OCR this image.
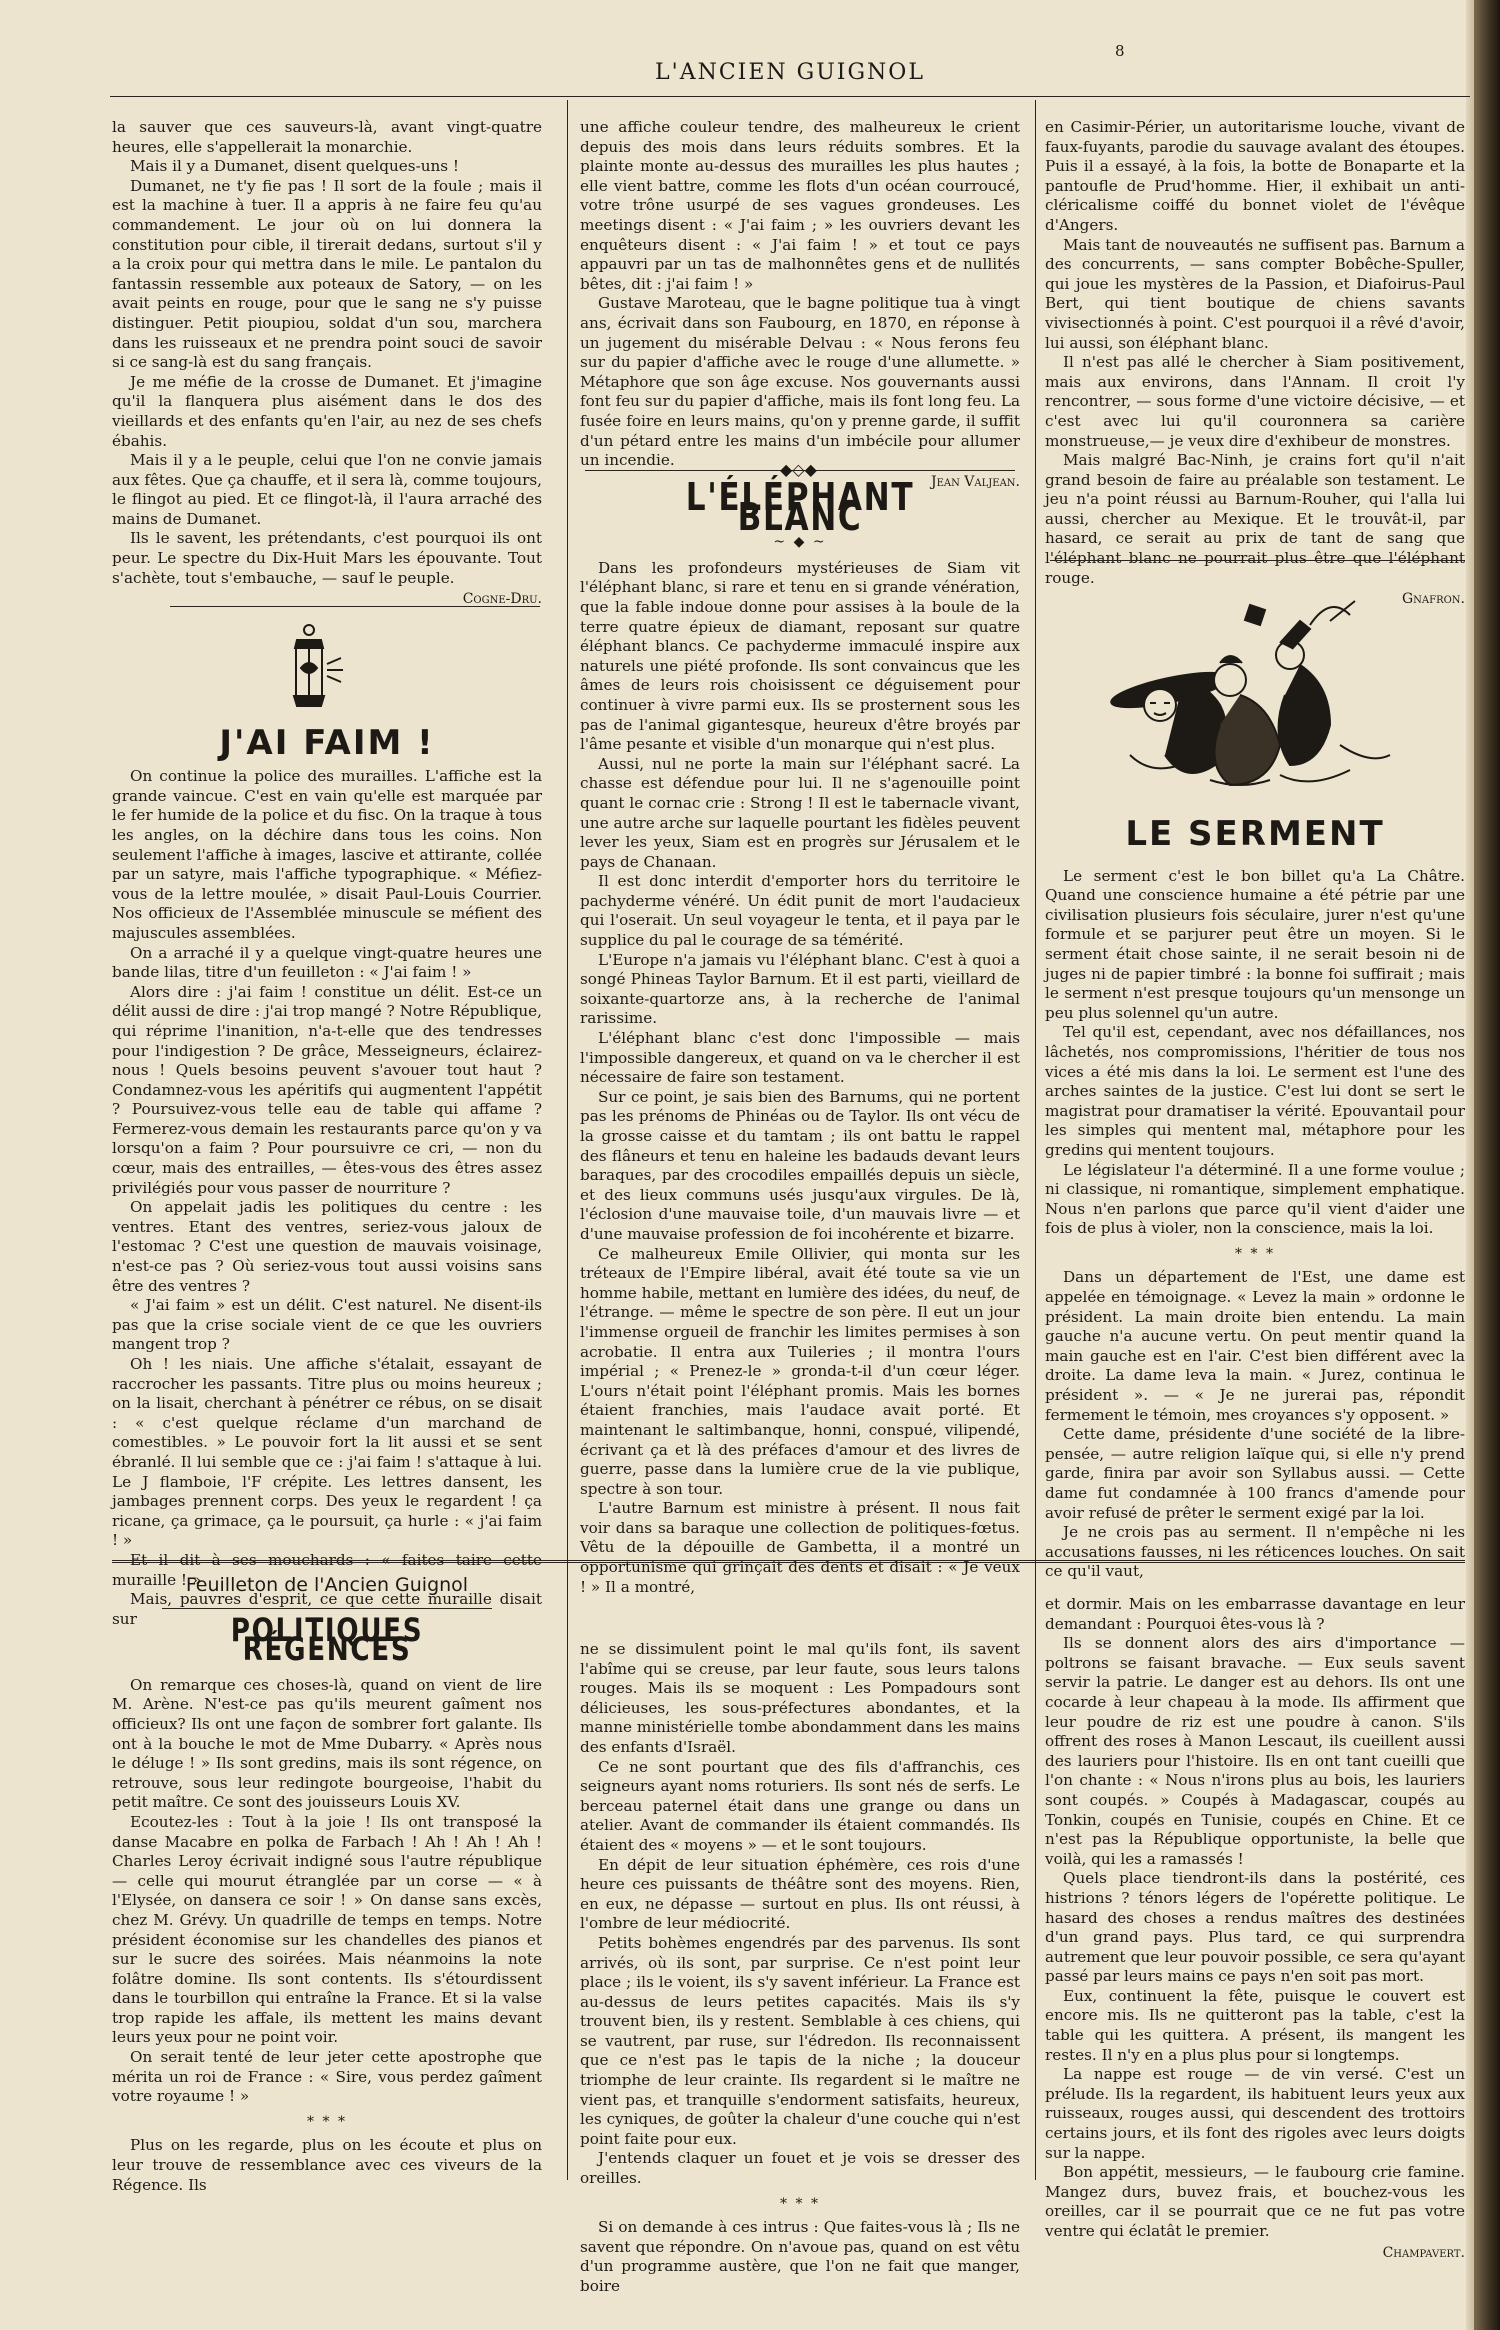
L'ANCIEN GUIGNOL
8

la sauver que ces sauveurs-là, avant vingt-quatre heures, elle s'appellerait la monarchie.

Mais il y a Dumanet, disent quelques-uns !

Dumanet, ne t'y fie pas ! Il sort de la foule ; mais il est la machine à tuer. Il a appris à ne faire feu qu'au commandement. Le jour où on lui donnera la constitution pour cible, il tirerait dedans, surtout s'il y a la croix pour qui mettra dans le mile. Le pantalon du fantassin ressemble aux poteaux de Satory, — on les avait peints en rouge, pour que le sang ne s'y puisse distinguer. Petit pioupiou, soldat d'un sou, marchera dans les ruisseaux et ne prendra point souci de savoir si ce sang-là est du sang français.

Je me méfie de la crosse de Dumanet. Et j'imagine qu'il la flanquera plus aisément dans le dos des vieillards et des enfants qu'en l'air, au nez de ses chefs ébahis.

Mais il y a le peuple, celui que l'on ne convie jamais aux fêtes. Que ça chauffe, et il sera là, comme toujours, le flingot au pied. Et ce flingot-là, il l'aura arraché des mains de Dumanet.

Ils le savent, les prétendants, c'est pourquoi ils ont peur. Le spectre du Dix-Huit Mars les épouvante. Tout s'achète, tout s'embauche, — sauf le peuple.

Cogne-Dru.

J'AI FAIM !

On continue la police des murailles. L'affiche est la grande vaincue. C'est en vain qu'elle est marquée par le fer humide de la police et du fisc. On la traque à tous les angles, on la déchire dans tous les coins. Non seulement l'affiche à images, lascive et attirante, collée par un satyre, mais l'affiche typographique. « Méfiez-vous de la lettre moulée, » disait Paul-Louis Courrier. Nos officieux de l'Assemblée minuscule se méfient des majuscules assemblées.

On a arraché il y a quelque vingt-quatre heures une bande lilas, titre d'un feuilleton : « J'ai faim ! »

Alors dire : j'ai faim ! constitue un délit. Est-ce un délit aussi de dire : j'ai trop mangé ? Notre République, qui réprime l'inanition, n'a-t-elle que des tendresses pour l'indigestion ? De grâce, Messeigneurs, éclairez-nous ! Quels besoins peuvent s'avouer tout haut ? Condamnez-vous les apéritifs qui augmentent l'appétit ? Poursuivez-vous telle eau de table qui affame ? Fermerez-vous demain les restaurants parce qu'on y va lorsqu'on a faim ? Pour poursuivre ce cri, — non du cœur, mais des entrailles, — êtes-vous des êtres assez privilégiés pour vous passer de nourriture ?

On appelait jadis les politiques du centre : les ventres. Etant des ventres, seriez-vous jaloux de l'estomac ? C'est une question de mauvais voisinage, n'est-ce pas ? Où seriez-vous tout aussi voisins sans être des ventres ?

« J'ai faim » est un délit. C'est naturel. Ne disent-ils pas que la crise sociale vient de ce que les ouvriers mangent trop ?

Oh ! les niais. Une affiche s'étalait, essayant de raccrocher les passants. Titre plus ou moins heureux ; on la lisait, cherchant à pénétrer ce rébus, on se disait : « c'est quelque réclame d'un marchand de comestibles. » Le pouvoir fort la lit aussi et se sent ébranlé. Il lui semble que ce : j'ai faim ! s'attaque à lui. Le J flamboie, l'F crépite. Les lettres dansent, les jambages prennent corps. Des yeux le regardent ! ça ricane, ça grimace, ça le poursuit, ça hurle : « j'ai faim ! »

Et il dit à ses mouchards : « faites taire cette muraille ! »

Mais, pauvres d'esprit, ce que cette muraille disait sur

une affiche couleur tendre, des malheureux le crient depuis des mois dans leurs réduits sombres. Et la plainte monte au-dessus des murailles les plus hautes ; elle vient battre, comme les flots d'un océan courroucé, votre trône usurpé de ses vagues grondeuses. Les meetings disent : « J'ai faim ; » les ouvriers devant les enquêteurs disent : « J'ai faim ! » et tout ce pays appauvri par un tas de malhonnêtes gens et de nullités bêtes, dit : j'ai faim ! »

Gustave Maroteau, que le bagne politique tua à vingt ans, écrivait dans son Faubourg, en 1870, en réponse à un jugement du misérable Delvau : « Nous ferons feu sur du papier d'affiche avec le rouge d'une allumette. » Métaphore que son âge excuse. Nos gouvernants aussi font feu sur du papier d'affiche, mais ils font long feu. La fusée foire en leurs mains, qu'on y prenne garde, il suffit d'un pétard entre les mains d'un imbécile pour allumer un incendie.

Jean Valjean.

◆◇◆
L'ÉLÉPHANT BLANC
~ ◆ ~

Dans les profondeurs mystérieuses de Siam vit l'éléphant blanc, si rare et tenu en si grande vénération, que la fable indoue donne pour assises à la boule de la terre quatre épieux de diamant, reposant sur quatre éléphant blancs. Ce pachyderme immaculé inspire aux naturels une piété profonde. Ils sont convaincus que les âmes de leurs rois choisissent ce déguisement pour continuer à vivre parmi eux. Ils se prosternent sous les pas de l'animal gigantesque, heureux d'être broyés par l'âme pesante et visible d'un monarque qui n'est plus.

Aussi, nul ne porte la main sur l'éléphant sacré. La chasse est défendue pour lui. Il ne s'agenouille point quant le cornac crie : Strong ! Il est le tabernacle vivant, une autre arche sur laquelle pourtant les fidèles peuvent lever les yeux, Siam est en progrès sur Jérusalem et le pays de Chanaan.

Il est donc interdit d'emporter hors du territoire le pachyderme vénéré. Un édit punit de mort l'audacieux qui l'oserait. Un seul voyageur le tenta, et il paya par le supplice du pal le courage de sa témérité.

L'Europe n'a jamais vu l'éléphant blanc. C'est à quoi a songé Phineas Taylor Barnum. Et il est parti, vieillard de soixante-quartorze ans, à la recherche de l'animal rarissime.

L'éléphant blanc c'est donc l'impossible — mais l'impossible dangereux, et quand on va le chercher il est nécessaire de faire son testament.

Sur ce point, je sais bien des Barnums, qui ne portent pas les prénoms de Phinéas ou de Taylor. Ils ont vécu de la grosse caisse et du tamtam ; ils ont battu le rappel des flâneurs et tenu en haleine les badauds devant leurs baraques, par des crocodiles empaillés depuis un siècle, et des lieux communs usés jusqu'aux virgules. De là, l'éclosion d'une mauvaise toile, d'un mauvais livre — et d'une mauvaise profession de foi incohérente et bizarre.

Ce malheureux Emile Ollivier, qui monta sur les tréteaux de l'Empire libéral, avait été toute sa vie un homme habile, mettant en lumière des idées, du neuf, de l'étrange. — même le spectre de son père. Il eut un jour l'immense orgueil de franchir les limites permises à son acrobatie. Il entra aux Tuileries ; il montra l'ours impérial ; « Prenez-le » gronda-t-il d'un cœur léger. L'ours n'était point l'éléphant promis. Mais les bornes étaient franchies, mais l'audace avait porté. Et maintenant le saltimbanque, honni, conspué, vilipendé, écrivant ça et là des préfaces d'amour et des livres de guerre, passe dans la lumière crue de la vie publique, spectre à son tour.

L'autre Barnum est ministre à présent. Il nous fait voir dans sa baraque une collection de politiques-fœtus. Vêtu de la dépouille de Gambetta, il a montré un opportunisme qui grinçait des dents et disait : « Je veux ! » Il a montré,

en Casimir-Périer, un autoritarisme louche, vivant de faux-fuyants, parodie du sauvage avalant des étoupes. Puis il a essayé, à la fois, la botte de Bonaparte et la pantoufle de Prud'homme. Hier, il exhibait un anti-cléricalisme coiffé du bonnet violet de l'évêque d'Angers.

Mais tant de nouveautés ne suffisent pas. Barnum a des concurrents, — sans compter Bobêche-Spuller, qui joue les mystères de la Passion, et Diafoirus-Paul Bert, qui tient boutique de chiens savants vivisectionnés à point. C'est pourquoi il a rêvé d'avoir, lui aussi, son éléphant blanc.

Il n'est pas allé le chercher à Siam positivement, mais aux environs, dans l'Annam. Il croit l'y rencontrer, — sous forme d'une victoire décisive, — et c'est avec lui qu'il couronnera sa carière monstrueuse,— je veux dire d'exhibeur de monstres.

Mais malgré Bac-Ninh, je crains fort qu'il n'ait grand besoin de faire au préalable son testament. Le jeu n'a point réussi au Barnum-Rouher, qui l'alla lui aussi, chercher au Mexique. Et le trouvât-il, par hasard, ce serait au prix de tant de sang que l'éléphant blanc ne pourrait plus être que l'éléphant rouge.

Gnafron.

LE SERMENT

Le serment c'est le bon billet qu'a La Châtre. Quand une conscience humaine a été pétrie par une civilisation plusieurs fois séculaire, jurer n'est qu'une formule et se parjurer peut être un moyen. Si le serment était chose sainte, il ne serait besoin ni de juges ni de papier timbré : la bonne foi suffirait ; mais le serment n'est presque toujours qu'un mensonge un peu plus solennel qu'un autre.

Tel qu'il est, cependant, avec nos défaillances, nos lâchetés, nos compromissions, l'héritier de tous nos vices a été mis dans la loi. Le serment est l'une des arches saintes de la justice. C'est lui dont se sert le magistrat pour dramatiser la vérité. Epouvantail pour les simples qui mentent mal, métaphore pour les gredins qui mentent toujours.

Le législateur l'a déterminé. Il a une forme voulue ; ni classique, ni romantique, simplement emphatique. Nous n'en parlons que parce qu'il vient d'aider une fois de plus à violer, non la conscience, mais la loi.

* * *

Dans un département de l'Est, une dame est appelée en témoignage. « Levez la main » ordonne le président. La main droite bien entendu. La main gauche n'a aucune vertu. On peut mentir quand la main gauche est en l'air. C'est bien différent avec la droite. La dame leva la main. « Jurez, continua le président ». — « Je ne jurerai pas, répondit fermement le témoin, mes croyances s'y opposent. »

Cette dame, présidente d'une société de la libre-pensée, — autre religion laïque qui, si elle n'y prend garde, finira par avoir son Syllabus aussi. — Cette dame fut condamnée à 100 francs d'amende pour avoir refusé de prêter le serment exigé par la loi.

Je ne crois pas au serment. Il n'empêche ni les accusations fausses, ni les réticences louches. On sait ce qu'il vaut,

Feuilleton de l'Ancien Guignol
POLITIQUES RÉGENCES

On remarque ces choses-là, quand on vient de lire M. Arène. N'est-ce pas qu'ils meurent gaîment nos officieux? Ils ont une façon de sombrer fort galante. Ils ont à la bouche le mot de Mme Dubarry. « Après nous le déluge ! » Ils sont gredins, mais ils sont régence, on retrouve, sous leur redingote bourgeoise, l'habit du petit maître. Ce sont des jouisseurs Louis XV.

Ecoutez-les : Tout à la joie ! Ils ont transposé la danse Macabre en polka de Farbach ! Ah ! Ah ! Ah ! Charles Leroy écrivait indigné sous l'autre république — celle qui mourut étranglée par un corse — « à l'Elysée, on dansera ce soir ! » On danse sans excès, chez M. Grévy. Un quadrille de temps en temps. Notre président économise sur les chandelles des pianos et sur le sucre des soirées. Mais néanmoins la note folâtre domine. Ils sont contents. Ils s'étourdissent dans le tourbillon qui entraîne la France. Et si la valse trop rapide les affale, ils mettent les mains devant leurs yeux pour ne point voir.

On serait tenté de leur jeter cette apostrophe que mérita un roi de France : « Sire, vous perdez gaîment votre royaume ! »

* * *

Plus on les regarde, plus on les écoute et plus on leur trouve de ressemblance avec ces viveurs de la Régence. Ils

ne se dissimulent point le mal qu'ils font, ils savent l'abîme qui se creuse, par leur faute, sous leurs talons rouges. Mais ils se moquent : Les Pompadours sont délicieuses, les sous-préfectures abondantes, et la manne ministérielle tombe abondamment dans les mains des enfants d'Israël.

Ce ne sont pourtant que des fils d'affranchis, ces seigneurs ayant noms roturiers. Ils sont nés de serfs. Le berceau paternel était dans une grange ou dans un atelier. Avant de commander ils étaient commandés. Ils étaient des « moyens » — et le sont toujours.

En dépit de leur situation éphémère, ces rois d'une heure ces puissants de théâtre sont des moyens. Rien, en eux, ne dépasse — surtout en plus. Ils ont réussi, à l'ombre de leur médiocrité.

Petits bohèmes engendrés par des parvenus. Ils sont arrivés, où ils sont, par surprise. Ce n'est point leur place ; ils le voient, ils s'y savent inférieur. La France est au-dessus de leurs petites capacités. Mais ils s'y trouvent bien, ils y restent. Semblable à ces chiens, qui se vautrent, par ruse, sur l'édredon. Ils reconnaissent que ce n'est pas le tapis de la niche ; la douceur triomphe de leur crainte. Ils regardent si le maître ne vient pas, et tranquille s'endorment satisfaits, heureux, les cyniques, de goûter la chaleur d'une couche qui n'est point faite pour eux.

J'entends claquer un fouet et je vois se dresser des oreilles.

* * *

Si on demande à ces intrus : Que faites-vous là ; Ils ne savent que répondre. On n'avoue pas, quand on est vêtu d'un programme austère, que l'on ne fait que manger, boire

et dormir. Mais on les embarrasse davantage en leur demandant : Pourquoi êtes-vous là ?

Ils se donnent alors des airs d'importance — poltrons se faisant bravache. — Eux seuls savent servir la patrie. Le danger est au dehors. Ils ont une cocarde à leur chapeau à la mode. Ils affirment que leur poudre de riz est une poudre à canon. S'ils offrent des roses à Manon Lescaut, ils cueillent aussi des lauriers pour l'histoire. Ils en ont tant cueilli que l'on chante : « Nous n'irons plus au bois, les lauriers sont coupés. » Coupés à Madagascar, coupés au Tonkin, coupés en Tunisie, coupés en Chine. Et ce n'est pas la République opportuniste, la belle que voilà, qui les a ramassés !

Quels place tiendront-ils dans la postérité, ces histrions ? ténors légers de l'opérette politique. Le hasard des choses a rendus maîtres des destinées d'un grand pays. Plus tard, ce qui surprendra autrement que leur pouvoir possible, ce sera qu'ayant passé par leurs mains ce pays n'en soit pas mort.

Eux, continuent la fête, puisque le couvert est encore mis. Ils ne quitteront pas la table, c'est la table qui les quittera. A présent, ils mangent les restes. Il n'y en a plus plus pour si longtemps.

La nappe est rouge — de vin versé. C'est un prélude. Ils la regardent, ils habituent leurs yeux aux ruisseaux, rouges aussi, qui descendent des trottoirs certains jours, et ils font des rigoles avec leurs doigts sur la nappe.

Bon appétit, messieurs, — le faubourg crie famine. Mangez durs, buvez frais, et bouchez-vous les oreilles, car il se pourrait que ce ne fut pas votre ventre qui éclatât le premier.

Champavert.
